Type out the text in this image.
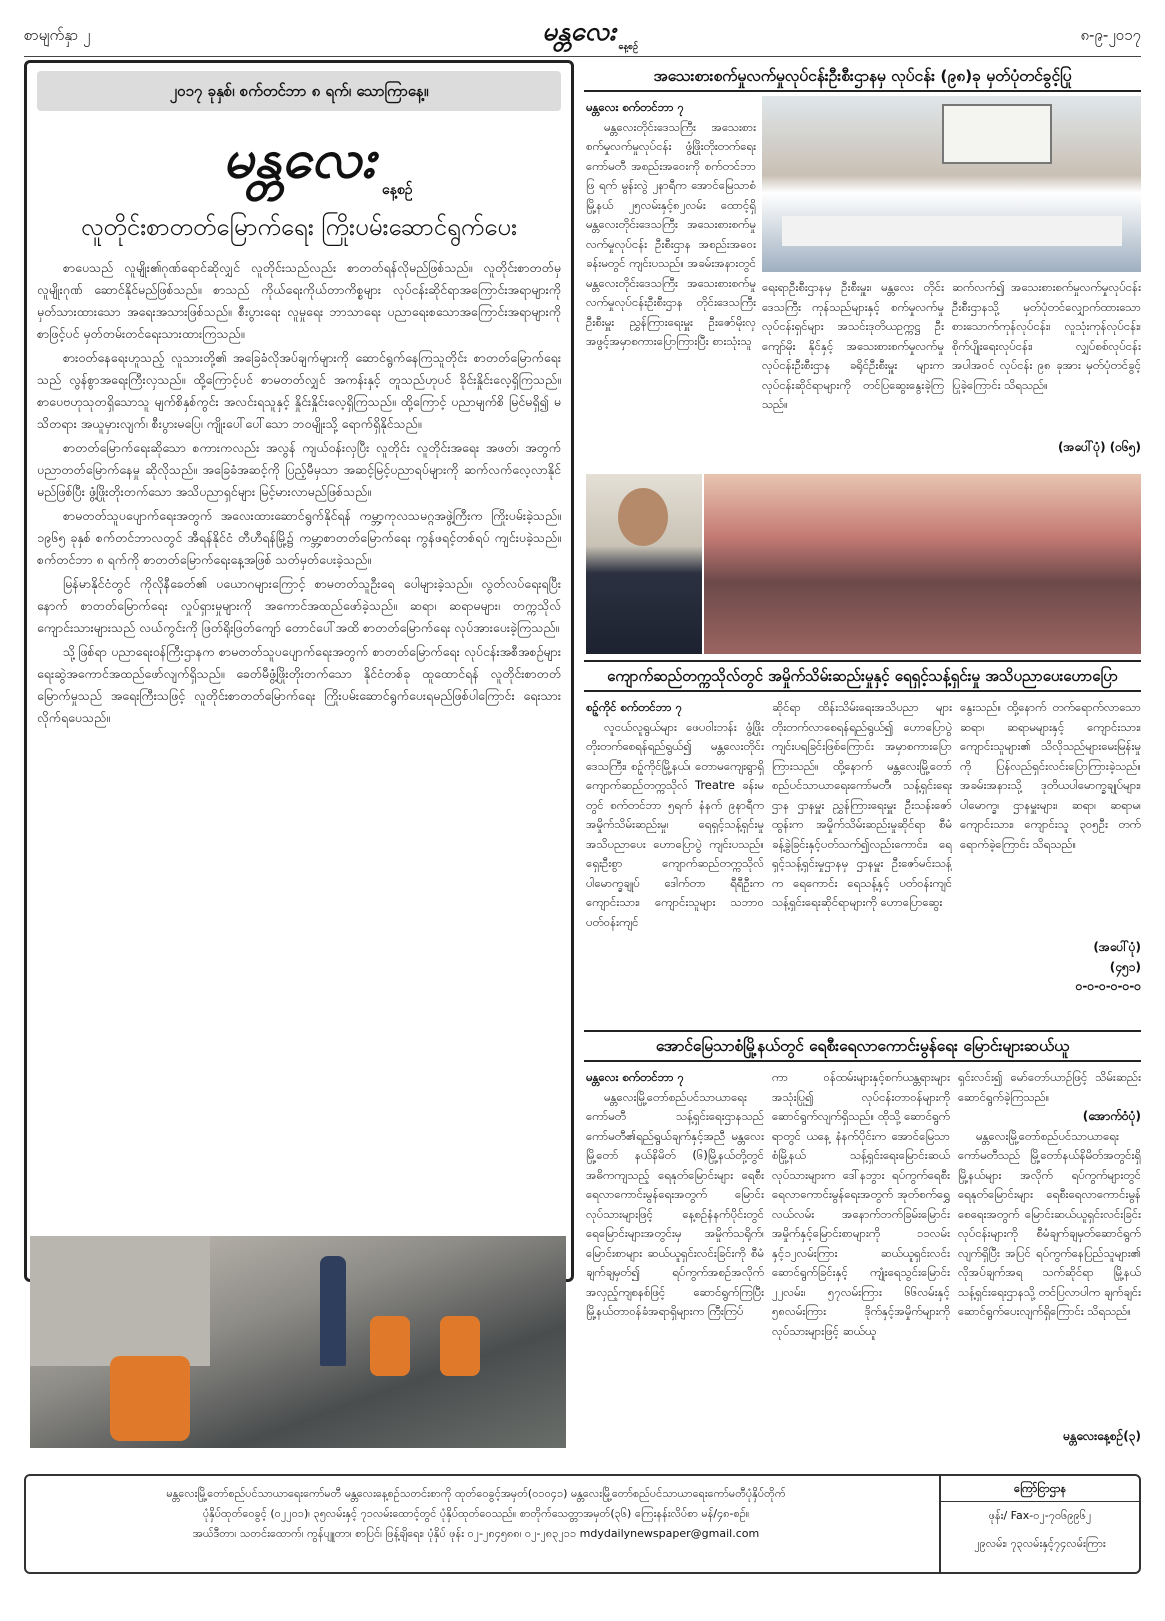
စာမျက်နှာ ၂	မန္တလေး နေ့စဉ်
၈-၉-၂၀၁၇
၂၀၁၇ ခုနှစ်၊ စက်တင်ဘာ ၈ ရက်၊ သောကြာနေ့။
မန္တလေး နေ့စဉ်
လူတိုင်းစာတတ်မြောက်ရေး ကြိုးပမ်းဆောင်ရွက်ပေး

စာပေသည် လူမျိုး၏ဂုဏ်ရောင်ဆိုလျှင် လူတိုင်းသည်လည်း စာတတ်ရန်လိုမည်ဖြစ်သည်။ လူတိုင်းစာတတ်မှ လူမျိုးဂုဏ် ဆောင်နိုင်မည်ဖြစ်သည်။ စာသည် ကိုယ်ရေးကိုယ်တာကိစ္စများ လုပ်ငန်းဆိုင်ရာအကြောင်းအရာများကို မှတ်သားထားသော အရေးအသားဖြစ်သည်။ စီးပွားရေး လူမှုရေး ဘာသာရေး ပညာရေးစသောအကြောင်းအရာများကို စာဖြင့်ပင် မှတ်တမ်းတင်ရေးသားထားကြသည်။

စားဝတ်နေရေးဟူသည့် လူသားတို့၏ အခြေခံလိုအပ်ချက်များကို ဆောင်ရွက်နေကြသူတိုင်း စာတတ်မြောက်ရေးသည် လွန်စွာအရေးကြီးလှသည်။ ထို့ကြောင့်ပင် စာမတတ်လျှင် အကန်းနှင့် တူသည်ဟုပင် ခိုင်းနှိုင်းလေ့ရှိကြသည်။ စာပေဗဟုသုတရှိသောသူ မျက်စိနှစ်ကွင်း အလင်းရသူနှင့် နှိုင်းနှိုင်းလေ့ရှိကြသည်။ ထို့ကြောင့် ပညာမျက်စိ မြင်မရှိ၍ မသိတရား အယူမှားလျက်၊ စီးပွားမပြေ၊ ကျိုးပေါ်ပေါ်သော ဘဝမျိုးသို့ ရောက်ရှိနိုင်သည်။

စာတတ်မြောက်ရေးဆိုသော စကားကလည်း အလွန် ကျယ်ဝန်းလှပြီး လူတိုင်း လူတိုင်းအရေး အဖတ်၊ အတွက် ပညာတတ်မြောက်နေမှု ဆိုလိုသည်။ အခြေခံအဆင့်ကို ပြည့်မီမှသာ အဆင့်မြင့်ပညာရပ်များကို ဆက်လက်လေ့လာနိုင်မည်ဖြစ်ပြီး ဖွံ့ဖြိုးတိုးတက်သော အသိပညာရှင်များ မြင့်မားလာမည်ဖြစ်သည်။

စာမတတ်သူပပျောက်ရေးအတွက် အလေးထားဆောင်ရွက်နိုင်ရန် ကမ္ဘာ့ကုလသမဂ္ဂအဖွဲ့ကြီးက ကြိုးပမ်းခဲ့သည်။ ၁၉၆၅ ခုနှစ် စက်တင်ဘာလတွင် အီရန်နိုင်ငံ တီဟီရန်မြို့၌ ကမ္ဘာ့စာတတ်မြောက်ရေး ကွန်ဖရင့်တစ်ရပ် ကျင်းပခဲ့သည်။ စက်တင်ဘာ ၈ ရက်ကို စာတတ်မြောက်ရေးနေ့အဖြစ် သတ်မှတ်ပေးခဲ့သည်။

မြန်မာနိုင်ငံတွင် ကိုလိုနီခေတ်၏ ပယောဂများကြောင့် စာမတတ်သူဦးရေ ပေါများခဲ့သည်။ လွတ်လပ်ရေးရပြီးနောက် စာတတ်မြောက်ရေး လှုပ်ရှားမှုများကို အကောင်အထည်ဖော်ခဲ့သည်။ ဆရာ၊ ဆရာမများ၊ တက္ကသိုလ်ကျောင်းသားများသည် လယ်ကွင်းကို ဖြတ်ရိုးဖြတ်ကျော် တောင်ပေါ်အထိ စာတတ်မြောက်ရေး လုပ်အားပေးခဲ့ကြသည်။

သို့ဖြစ်ရာ ပညာရေးဝန်ကြီးဌာနက စာမတတ်သူပပျောက်ရေးအတွက် စာတတ်မြောက်ရေး လုပ်ငန်းအစီအစဉ်များ ရေးဆွဲအကောင်အထည်ဖော်လျက်ရှိသည်။ ခေတ်မီဖွံ့ဖြိုးတိုးတက်သော နိုင်ငံတစ်ခု ထူထောင်ရန် လူတိုင်းစာတတ်မြောက်မှုသည် အရေးကြီးသဖြင့် လူတိုင်းစာတတ်မြောက်ရေး ကြိုးပမ်းဆောင်ရွက်ပေးရမည်ဖြစ်ပါကြောင်း ရေးသားလိုက်ရပေသည်။

အသေးစားစက်မှုလက်မှုလုပ်ငန်းဦးစီးဌာနမှ လုပ်ငန်း (၉၈)ခု မှတ်ပုံတင်ခွင့်ပြု
မန္တလေး စက်တင်ဘာ ၇

မန္တလေးတိုင်းဒေသကြီး အသေးစားစက်မှုလက်မှုလုပ်ငန်း ဖွံ့ဖြိုးတိုးတက်ရေးကော်မတီ အစည်းအဝေးကို စက်တင်ဘာ ဖြ ရက် မွန်းလွဲ ၂နာရီက အောင်မြေသာစံမြို့နယ် ၂၅လမ်းနှင့်၈၂လမ်း ထောင့်ရှိ မန္တလေးတိုင်းဒေသကြီး အသေးစားစက်မှုလက်မှုလုပ်ငန်း ဦးစီးဌာန အစည်းအဝေးခန်းမတွင် ကျင်းပသည်။ အခမ်းအနားတွင် မန္တလေးတိုင်းဒေသကြီး အသေးစားစက်မှုလက်မှုလုပ်ငန်းဦးစီးဌာန တိုင်းဒေသကြီးဦးစီးမှူး ညွှန်ကြားရေးမှူး ဦးဇော်မိုးလှ အဖွင့်အမှာစကားပြောကြားပြီး စားသုံးသူ

ရေးရာဦးစီးဌာနမှ ဦးစီးမှူး၊ မန္တလေး တိုင်းဒေသကြီး ကုန်သည်များနှင့် စက်မှုလက်မှုလုပ်ငန်းရှင်များ အသင်းဒုတိယဥက္ကဋ္ဌ ဦးကျော်မိုး နိုင်နှင့် အသေးစားစက်မှုလက်မှုလုပ်ငန်းဦးစီးဌာန ခရိုင်ဦးစီးမှူး များက လုပ်ငန်းဆိုင်ရာများကို တင်ပြဆွေးနွေးခဲ့ကြသည်။

ဆက်လက်၍ အသေးစားစက်မှုလက်မှုလုပ်ငန်းဦးစီးဌာနသို့ မှတ်ပုံတင်လျှောက်ထားသော စားသောက်ကုန်လုပ်ငန်း၊ လူသုံးကုန်လုပ်ငန်း၊ စိုက်ပျိုးရေးလုပ်ငန်း၊ လျှပ်စစ်လုပ်ငန်း အပါအဝင် လုပ်ငန်း ၉၈ ခုအား မှတ်ပုံတင်ခွင့်ပြုခဲ့ကြောင်း သိရသည်။

(အပေါ်ပုံ) (၀၆၅)
ကျောက်ဆည်တက္ကသိုလ်တွင် အမှိုက်သိမ်းဆည်းမှုနှင့် ရေရှင့်သန့်ရှင်းမှု အသိပညာပေးဟောပြော
စဉ့်ကိုင် စက်တင်ဘာ ၇

လူငယ်လူရွယ်များ ဖေပဝါးဘန်း ဖွံ့ဖြိုးတိုးတက်စေရန်ရည်ရွယ်၍ မန္တလေးတိုင်းဒေသကြီး၊ စဉ့်ကိုင်မြို့နယ်၊ တောမကျေးရွာရှိ ကျောက်ဆည်တက္ကသိုလ် Treatre ခန်းမတွင် စက်တင်ဘာ ၅ရက် နံနက် ၉နာရီက အမှိုက်သိမ်းဆည်းမှု၊ ရေရှင့်သန့်ရှင်းမှု အသိပညာပေး ဟောပြောပွဲ ကျင်းပသည်။ ရှေးဦးစွာ ကျောက်ဆည်တက္ကသိုလ်ပါမောက္ခချုပ် ဒေါက်တာ ရီရီဦးက ကျောင်းသား၊ ကျောင်းသူများ သဘာဝပတ်ဝန်းကျင်

ဆိုင်ရာ ထိန်းသိမ်းရေးအသိပညာ များ တိုးတက်လာစေရန်ရည်ရွယ်၍ ဟောပြောပွဲကျင်းပရခြင်းဖြစ်ကြောင်း အမှာစကားပြောကြားသည်။ ထို့နောက် မန္တလေးမြို့တော်စည်ပင်သာယာရေးကော်မတီ၊ သန့်ရှင်းရေးဌာန ဌာနမှူး ညွှန်ကြားရေးမှူး ဦးသန်းဇော်ထွန်းက အမှိုက်သိမ်းဆည်းမှုဆိုင်ရာ စီမံခန့်ခွဲခြင်းနှင့်ပတ်သက်၍လည်းကောင်း၊ ရေရှင့်သန့်ရှင်းမှုဌာနမှ ဌာနမှူး ဦးဇော်မင်းသန့်က ရေကောင်း ရေသန့်နှင့် ပတ်ဝန်းကျင်သန့်ရှင်းရေးဆိုင်ရာများကို ဟောပြောဆွေး

နွေးသည်။ ထို့နောက် တက်ရောက်လာသော ဆရာ၊ ဆရာမများနှင့် ကျောင်းသား၊ ကျောင်းသူများ၏ သိလိုသည်များမေးမြန်းမှုကို ပြန်လည်ရှင်းလင်းပြောကြားခဲ့သည်။ အခမ်းအနားသို့ ဒုတိယပါမောက္ခချုပ်များ၊ ပါမောက္ခ၊ ဌာနမှူးများ၊ ဆရာ၊ ဆရာမ၊ ကျောင်းသား၊ ကျောင်းသူ ၃၀၅ဦး တက်ရောက်ခဲ့ကြောင်း သိရသည်။

(အပေါ်ပုံ)
(၄၅၁)
၀-၀-၀-၀-၀-၀
အောင်မြေသာစံမြို့နယ်တွင် ရေစီးရေလာကောင်းမွန်ရေး မြောင်းများဆယ်ယူ
မန္တလေး စက်တင်ဘာ ၇

မန္တလေးမြို့တော်စည်ပင်သာယာရေးကော်မတီ သန့်ရှင်းရေးဌာနသည် ကော်မတီ၏ရည်ရွယ်ချက်နှင့်အညီ မန္တလေးမြို့တော် နယ်နိမိတ် (၆)မြို့နယ်တို့တွင် အဓိကကျသည့် ရေနုတ်မြောင်းများ ရေစီးရေလာကောင်းမွန်ရေးအတွက် မြောင်းလုပ်သားများဖြင့် နေ့စဉ်နံနက်ပိုင်းတွင် ရေမြောင်းများအတွင်းမှ အမှိုက်သရိုက်၊ မြောင်းစာများ ဆယ်ယူရှင်းလင်းခြင်းကို စီမံချက်ချမှတ်၍ ရပ်ကွက်အစဉ်အလိုက် အလှည့်ကျစနစ်ဖြင့် ဆောင်ရွက်ကြပြီး မြို့နယ်တာဝန်ခံအရာရှိများက ကြီးကြပ်

ကာ ဝန်ထမ်းများနှင့်စက်ယန္တရားများအသုံးပြု၍ လုပ်ငန်းတာဝန်များကို ဆောင်ရွက်လျက်ရှိသည်။ ထိုသို့ ဆောင်ရွက်ရာတွင် ယနေ့ နံနက်ပိုင်းက အောင်မြေသာစံမြို့နယ် သန့်ရှင်းရေးမြောင်းဆယ်လုပ်သားများက ဒေါ်နဘွား ရပ်ကွက်ရေစီးရေလာကောင်းမွန်ရေးအတွက် အုတ်စက်ရွှေလယ်လမ်း အနောက်ဘက်ခြမ်းမြောင်းအမှိုက်နှင့်မြောင်းစာများကို ၁၁လမ်းနှင့်၁၂လမ်းကြား ဆယ်ယူရှင်းလင်းဆောင်ရွက်ခြင်းနှင့် ကျုံးရေသွင်းမြောင်း ၂၂လမ်း၊ ၅၇လမ်းကြား ၆၆လမ်းနှင့် ၅၈လမ်းကြား ဒိုက်နှင့်အမှိုက်များကို လုပ်သားများဖြင့် ဆယ်ယူ

ရှင်းလင်း၍ မော်တော်ယာဉ်ဖြင့် သိမ်းဆည်းဆောင်ရွက်ခဲ့ကြသည်။

(အောက်ဝံပုံ)

မန္တလေးမြို့တော်စည်ပင်သာယာရေးကော်မတီသည် မြို့တော်နယ်နိမိတ်အတွင်းရှိ မြို့နယ်များ အလိုက် ရပ်ကွက်များတွင် ရေနုတ်မြောင်းများ ရေစီးရေလာကောင်းမွန်စေရေးအတွက် မြောင်းဆယ်ယူရှင်းလင်းခြင်းလုပ်ငန်းများကို စီမံချက်ချမှတ်ဆောင်ရွက်လျက်ရှိပြီး အပြင် ရပ်ကွက်နေပြည်သူများ၏ လိုအပ်ချက်အရ သက်ဆိုင်ရာ မြို့နယ်သန့်ရှင်းရေးဌာနသို့ တင်ပြလာပါက ချက်ချင်းဆောင်ရွက်ပေးလျက်ရှိကြောင်း သိရသည်။

မန္တလေးနေ့စဉ်(၃)
မန္တလေးမြို့တော်စည်ပင်သာယာရေးကော်မတီ မန္တလေးနေ့စဉ်သတင်းစာကို ထုတ်ဝေခွင့်အမှတ်(၀၁၀၄၁) မန္တလေးမြို့တော်စည်ပင်သာယာရေးကော်မတီပုံနှိပ်တိုက်
ပုံနှိပ်ထုတ်ဝေခွင့် (၀၂၂၀၁)၊ ၃၅လမ်းနှင့် ၇၁လမ်းထောင့်တွင် ပုံနှိပ်ထုတ်ဝေသည်။ စာတိုက်သေတ္တာအမှတ်(၃၆) ကြေးနန်းလိပ်စာ မန်/၄၈-စဉ်။
အယ်ဒီတာ၊ သတင်းထောက်၊ ကွန်ပျူတာ၊ စာပြင်၊ ဖြန့်ချိရေး၊ ပုံနှိပ် ဖုန်း ၀၂-၂၈၄၅၈၈၊ ၀၂-၂၈၃၂၁၁ mdydailynewspaper@gmail.com
ကြော်ငြာဌာန
ဖုန်း/ Fax-၀၂-၇၀၆၉၉၆၂
၂၉လမ်း၊ ၇၃လမ်းနှင့်၇၄လမ်းကြား
